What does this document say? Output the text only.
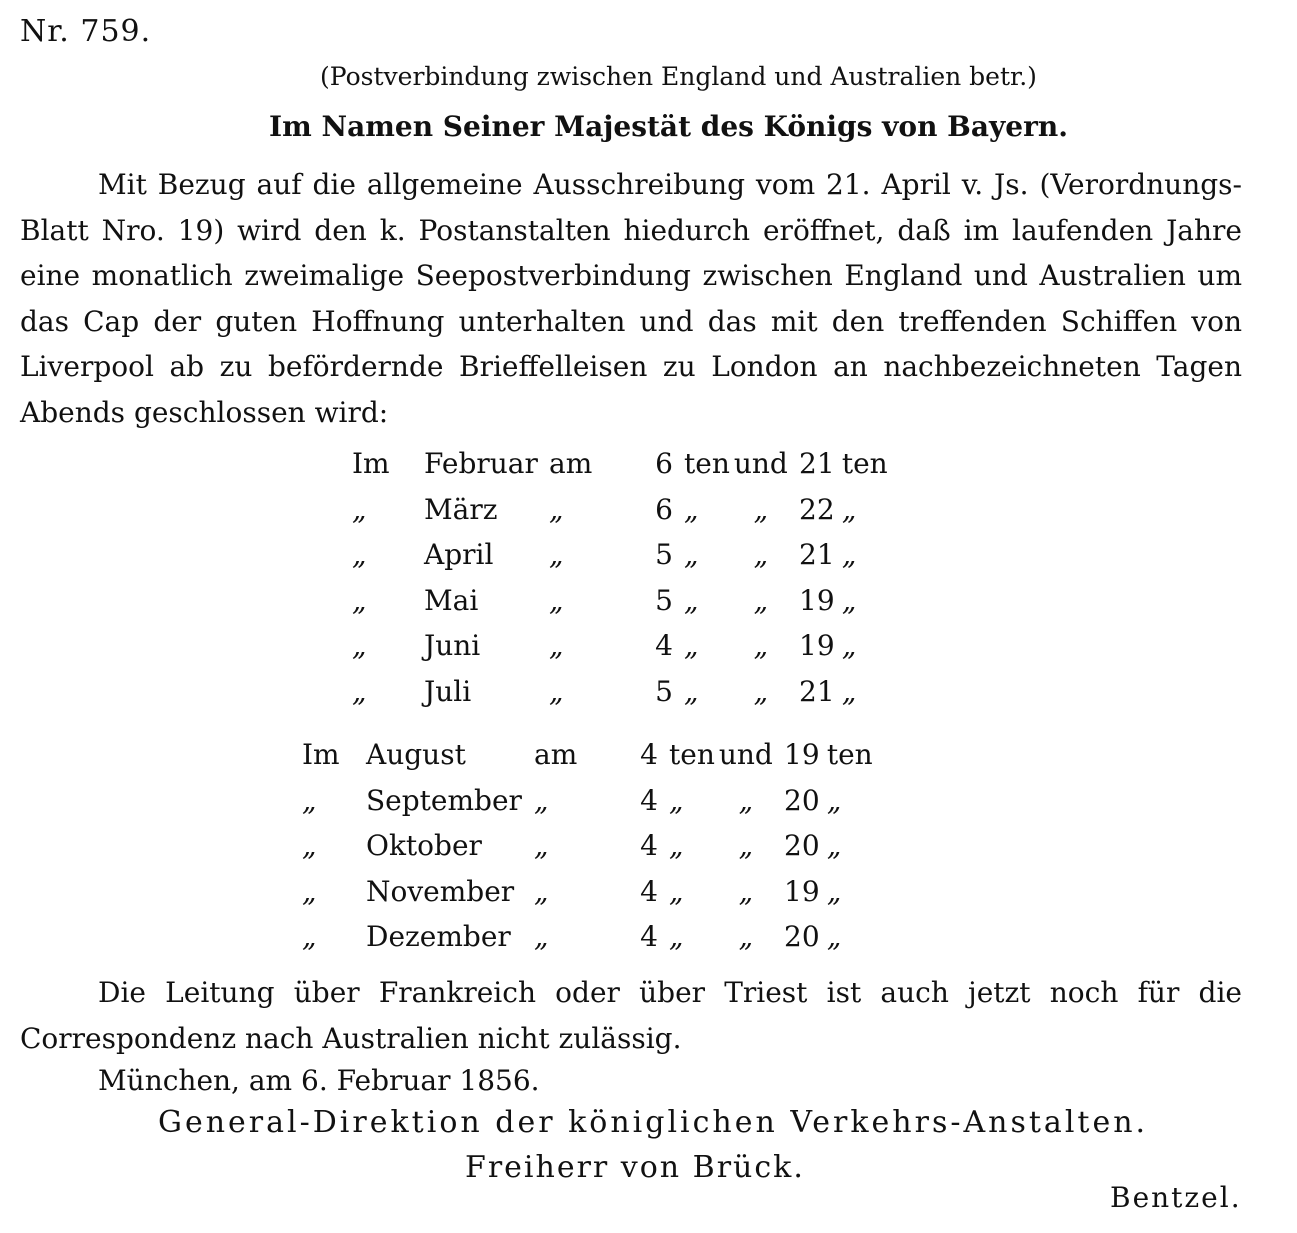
Nr. 759.
(Postverbindung zwischen England und Australien betr.)
Im Namen Seiner Majestät des Königs von Bayern.

Mit Bezug auf die allgemeine Ausschreibung vom 21. April v. Js. (Verordnungs-Blatt Nro. 19) wird den k. Postanstalten hiedurch eröffnet, daß im laufenden Jahre eine monatlich zweimalige Seepostverbindung zwischen England und Australien um das Cap der guten Hoffnung unterhalten und das mit den treffenden Schiffen von Liverpool ab zu befördernde Brieffelleisen zu London an nachbezeichneten Tagen Abends geschlossen wird:

Im	Februar	am	6	ten	und	21	ten
„	März	„	6	„	„	22	„
„	April	„	5	„	„	21	„
„	Mai	„	5	„	„	19	„
„	Juni	„	4	„	„	19	„
„	Juli	„	5	„	„	21	„
Im	August	am	4	ten	und	19	ten
„	September	„	4	„	„	20	„
„	Oktober	„	4	„	„	20	„
„	November	„	4	„	„	19	„
„	Dezember	„	4	„	„	20	„

Die Leitung über Frankreich oder über Triest ist auch jetzt noch für die Correspondenz nach Australien nicht zulässig.

München, am 6. Februar 1856.
General-Direktion der königlichen Verkehrs-Anstalten.
Freiherr von Brück.
Bentzel.
